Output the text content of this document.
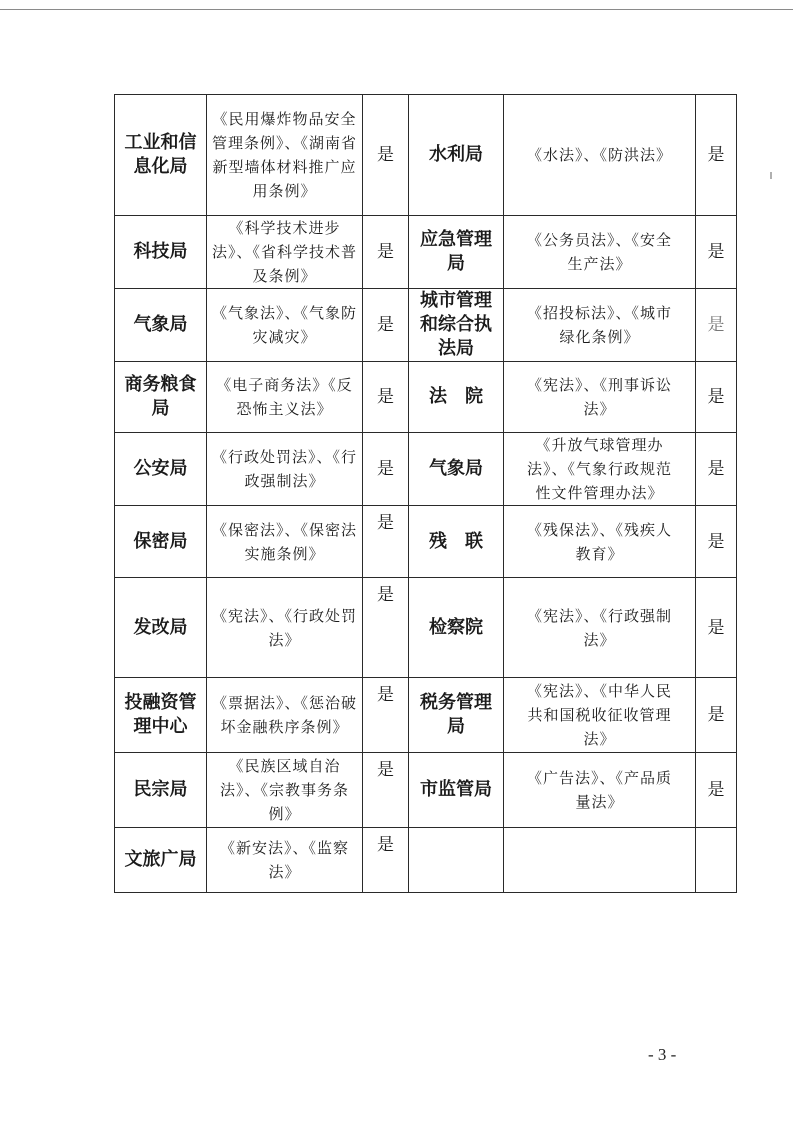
工业和信息化局	《民用爆炸物品安全管理条例》、《湖南省新型墙体材料推广应用条例》	是	水利局	《水法》、《防洪法》	是
科技局	《科学技术进步法》、《省科学技术普及条例》	是	应急管理局	《公务员法》、《安全生产法》	是
气象局	《气象法》、《气象防灾减灾》	是	城市管理和综合执法局	《招投标法》、《城市绿化条例》	是
商务粮食局	《电子商务法》《反恐怖主义法》	是	法　院	《宪法》、《刑事诉讼法》	是
公安局	《行政处罚法》、《行政强制法》	是	气象局	《升放气球管理办法》、《气象行政规范性文件管理办法》	是
保密局	《保密法》、《保密法实施条例》	是	残　联	《残保法》、《残疾人教育》	是
发改局	《宪法》、《行政处罚法》	是	检察院	《宪法》、《行政强制法》	是
投融资管理中心	《票据法》、《惩治破坏金融秩序条例》	是	税务管理局	《宪法》、《中华人民共和国税收征收管理法》	是
民宗局	《民族区域自治法》、《宗教事务条例》	是	市监管局	《广告法》、《产品质量法》	是
文旅广局	《新安法》、《监察法》	是			
- 3 -
